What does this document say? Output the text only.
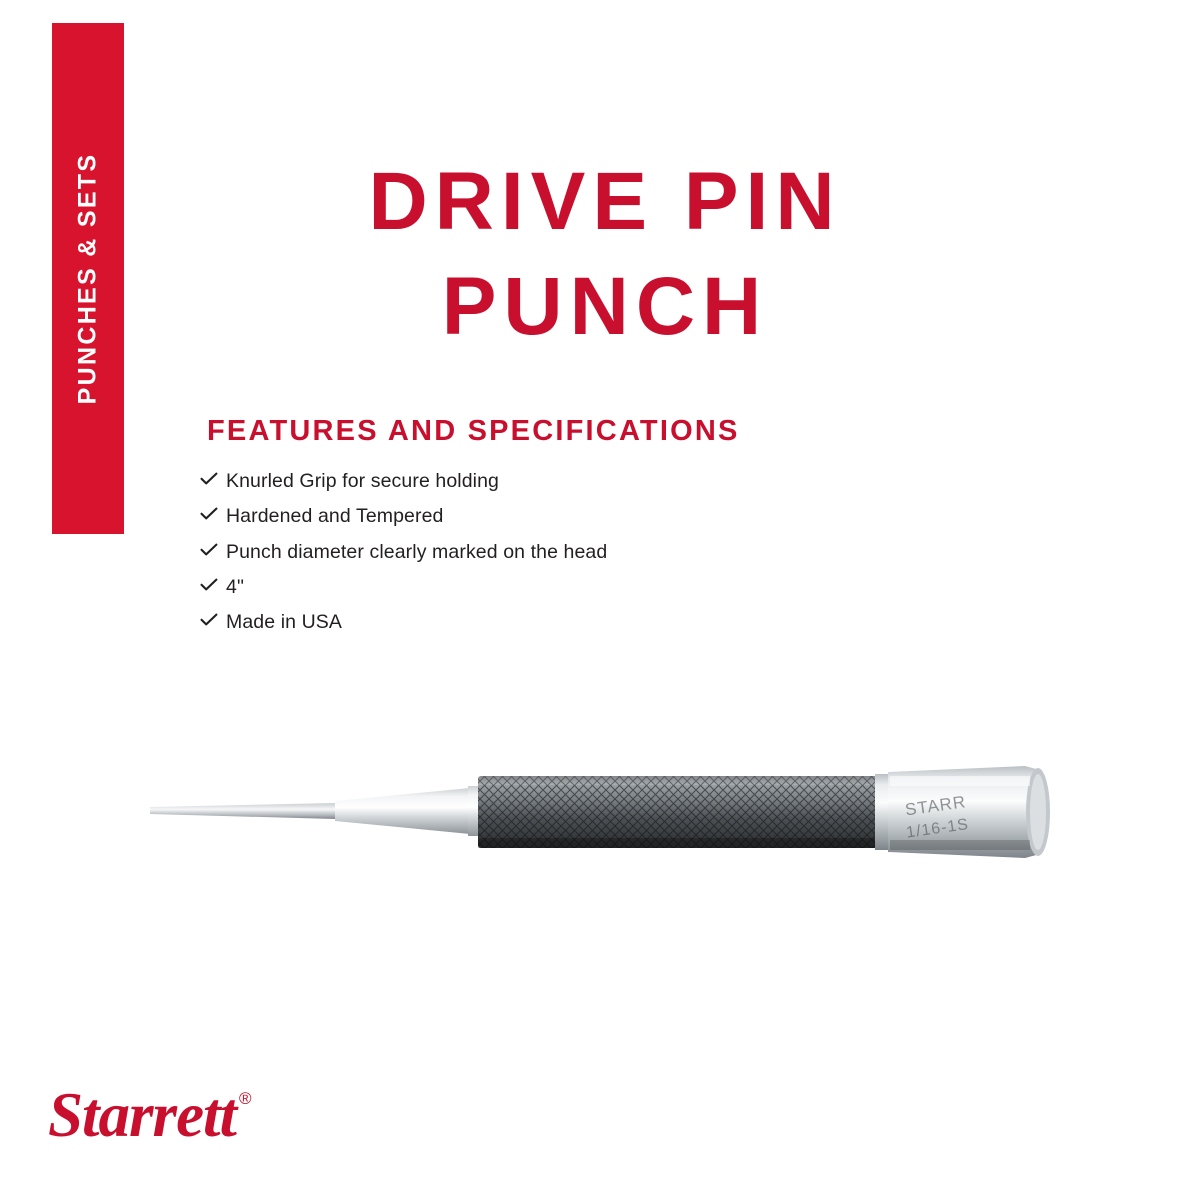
PUNCHES & SETS	DRIVE PIN
PUNCH
FEATURES AND SPECIFICATIONS
Knurled Grip for secure holding
Hardened and Tempered
Punch diameter clearly marked on the head
4"
Made in USA
STARR
1/16-1S
Starrett ®
